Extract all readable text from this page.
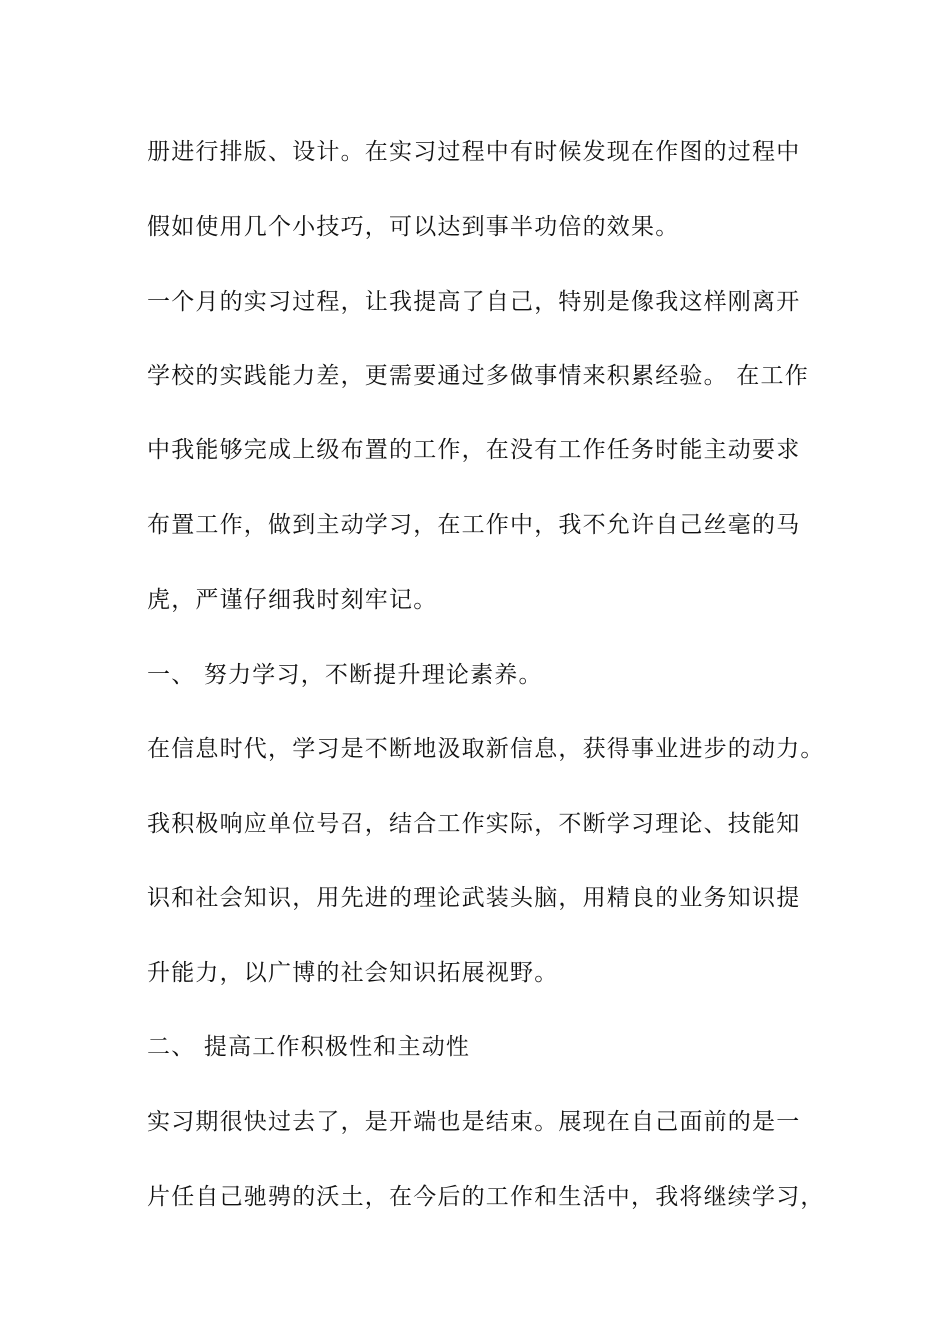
册进行排版、设计。在实习过程中有时候发现在作图的过程中
假如使用几个小技巧，可以达到事半功倍的效果。
一个月的实习过程，让我提高了自己，特别是像我这样刚离开
学校的实践能力差，更需要通过多做事情来积累经验。 在工作
中我能够完成上级布置的工作，在没有工作任务时能主动要求
布置工作，做到主动学习，在工作中，我不允许自己丝毫的马
虎，严谨仔细我时刻牢记。
一、 努力学习，不断提升理论素养。
在信息时代，学习是不断地汲取新信息，获得事业进步的动力。
我积极响应单位号召，结合工作实际，不断学习理论、技能知
识和社会知识，用先进的理论武装头脑，用精良的业务知识提
升能力，以广博的社会知识拓展视野。
二、 提高工作积极性和主动性
实习期很快过去了，是开端也是结束。展现在自己面前的是一
片任自己驰骋的沃土，在今后的工作和生活中，我将继续学习，
